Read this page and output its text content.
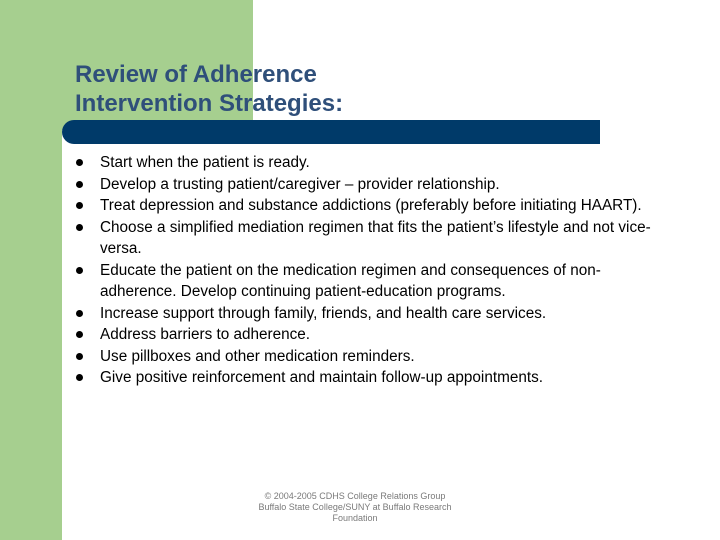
Review of Adherence
Intervention Strategies:
Start when the patient is ready.
Develop a trusting patient/caregiver – provider relationship.
Treat depression and substance addictions (preferably before initiating HAART).
Choose a simplified mediation regimen that fits the patient’s lifestyle and not vice-versa.
Educate the patient on the medication regimen and consequences of non-adherence. Develop continuing patient-education programs.
Increase support through family, friends, and health care services.
Address barriers to adherence.
Use pillboxes and other medication reminders.
Give positive reinforcement and maintain follow-up appointments.
© 2004-2005 CDHS College Relations Group
Buffalo State College/SUNY at Buffalo Research
Foundation
